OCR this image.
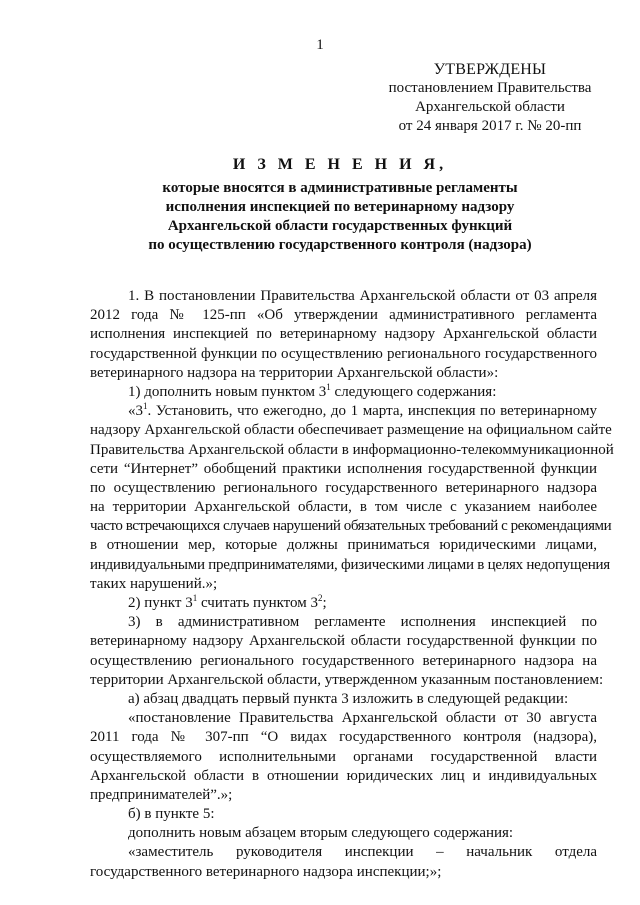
1
УТВЕРЖДЕНЫ
постановлением Правительства
Архангельской области
от 24 января 2017 г. № 20-пп
И З М Е Н Е Н И Я,
которые вносятся в административные регламенты
исполнения инспекцией по ветеринарному надзору
Архангельской области государственных функций
по осуществлению государственного контроля (надзора)
1. В постановлении Правительства Архангельской области от 03 апреля
2012 года № 125-пп «Об утверждении административного регламента
исполнения инспекцией по ветеринарному надзору Архангельской области
государственной функции по осуществлению регионального государственного
ветеринарного надзора на территории Архангельской области»:
1) дополнить новым пунктом $3^1$ следующего содержания:
«$3^1$. Установить, что ежегодно, до 1 марта, инспекция по ветеринарному
надзору Архангельской области обеспечивает размещение на официальном сайте
Правительства Архангельской области в информационно-телекоммуникационной
сети “Интернет” обобщений практики исполнения государственной функции
по осуществлению регионального государственного ветеринарного надзора
на территории Архангельской области, в том числе с указанием наиболее
часто встречающихся случаев нарушений обязательных требований с рекомендациями
в отношении мер, которые должны приниматься юридическими лицами,
индивидуальными предпринимателями, физическими лицами в целях недопущения
таких нарушений.»;
2) пункт $3^1$ считать пунктом $3^2$;
3) в административном регламенте исполнения инспекцией по
ветеринарному надзору Архангельской области государственной функции по
осуществлению регионального государственного ветеринарного надзора на
территории Архангельской области, утвержденном указанным постановлением:
а) абзац двадцать первый пункта 3 изложить в следующей редакции:
«постановление Правительства Архангельской области от 30 августа
2011 года № 307-пп “О видах государственного контроля (надзора),
осуществляемого исполнительными органами государственной власти
Архангельской области в отношении юридических лиц и индивидуальных
предпринимателей”.»;
б) в пункте 5:
дополнить новым абзацем вторым следующего содержания:
«заместитель руководителя инспекции – начальник отдела
государственного ветеринарного надзора инспекции;»;
